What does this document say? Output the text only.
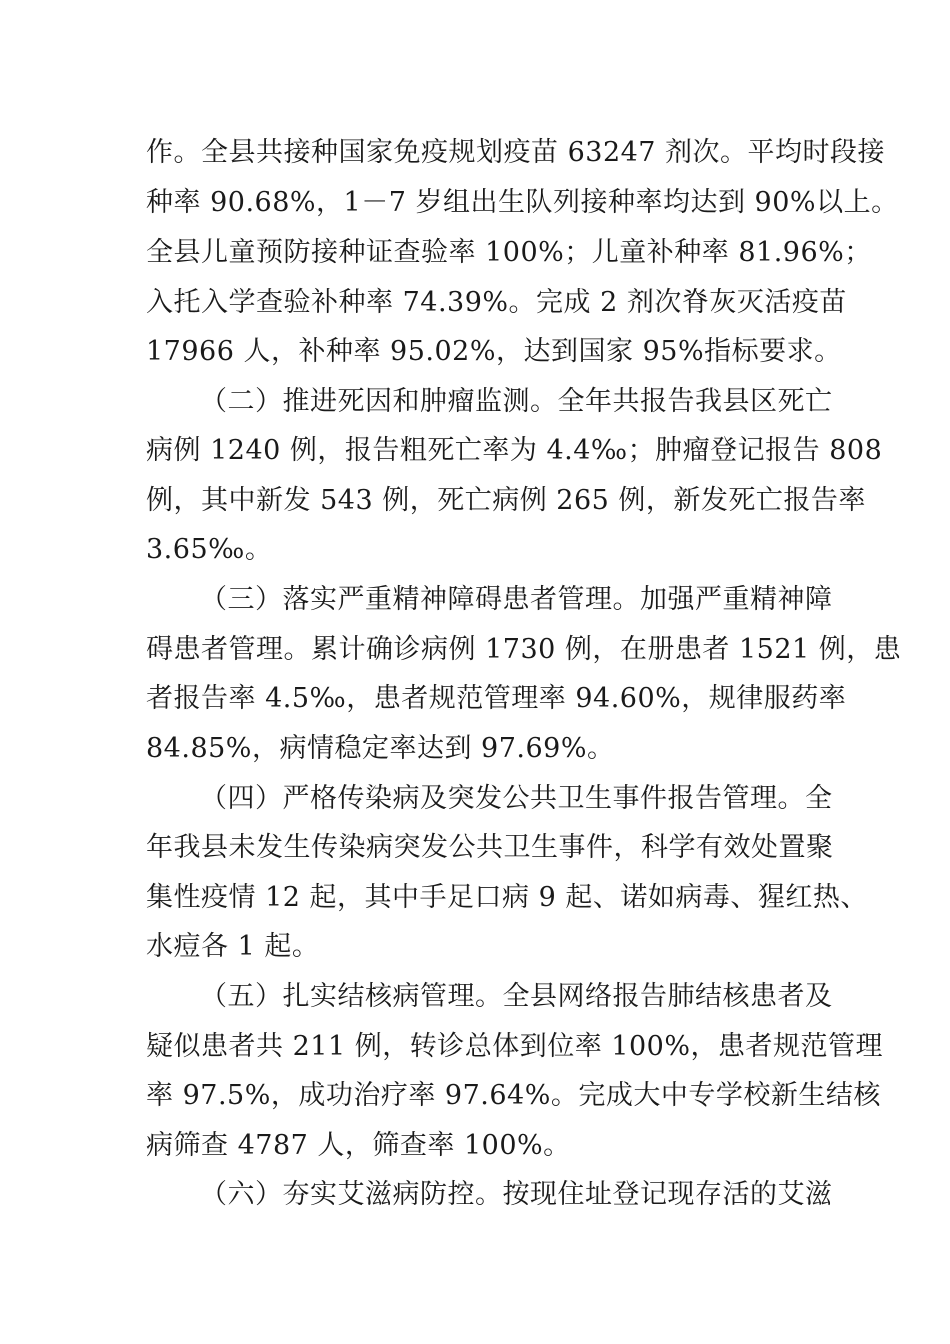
作。全县共接种国家免疫规划疫苗 63247 剂次。平均时段接
种率 90.68%，1－7 岁组出生队列接种率均达到 90%以上。
全县儿童预防接种证查验率 100%；儿童补种率 81.96%；
入托入学查验补种率 74.39%。完成 2 剂次脊灰灭活疫苗
17966 人，补种率 95.02%，达到国家 95%指标要求。
（二）推进死因和肿瘤监测。全年共报告我县区死亡
病例 1240 例，报告粗死亡率为 4.4‰；肿瘤登记报告 808
例，其中新发 543 例，死亡病例 265 例，新发死亡报告率
3.65‰。
（三）落实严重精神障碍患者管理。加强严重精神障
碍患者管理。累计确诊病例 1730 例，在册患者 1521 例，患
者报告率 4.5‰，患者规范管理率 94.60%，规律服药率
84.85%，病情稳定率达到 97.69%。
（四）严格传染病及突发公共卫生事件报告管理。全
年我县未发生传染病突发公共卫生事件，科学有效处置聚
集性疫情 12 起，其中手足口病 9 起、诺如病毒、猩红热、
水痘各 1 起。
（五）扎实结核病管理。全县网络报告肺结核患者及
疑似患者共 211 例，转诊总体到位率 100%，患者规范管理
率 97.5%，成功治疗率 97.64%。完成大中专学校新生结核
病筛查 4787 人，筛查率 100%。
（六）夯实艾滋病防控。按现住址登记现存活的艾滋
